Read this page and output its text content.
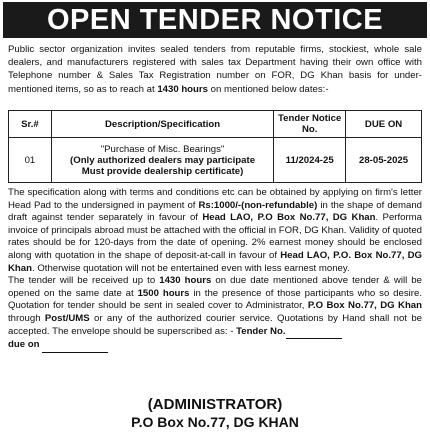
OPEN TENDER NOTICE
Public sector organization invites sealed tenders from reputable firms, stockiest, whole sale dealers, and manufacturers registered with sales tax Department having their own office with Telephone number & Sales Tax Registration number on FOR, DG Khan basis for under-mentioned items, so as to reach at 1430 hours on mentioned below dates:-
Sr.#	Description/Specification	Tender Notice No.	DUE ON
01	"Purchase of Misc. Bearings"
(Only authorized dealers may participate
Must provide dealership certificate)	11/2024-25	28-05-2025
The specification along with terms and conditions etc can be obtained by applying on firm's letter Head Pad to the undersigned in payment of Rs:1000/-(non-refundable) in the shape of demand draft against tender separately in favour of Head LAO, P.O Box No.77, DG Khan. Performa invoice of principals abroad must be attached with the official in FOR, DG Khan. Validity of quoted rates should be for 120-days from the date of opening. 2% earnest money should be enclosed along with quotation in the shape of deposit-at-call in favour of Head LAO, P.O. Box No.77, DG Khan. Otherwise quotation will not be entertained even with less earnest money.
The tender will be received up to 1430 hours on due date mentioned above tender & will be opened on the same date at 1500 hours in the presence of those participants who so desire. Quotation for tender should be sent in sealed cover to Administrator, P.O Box No.77, DG Khan through Post/UMS or any of the authorized courier service. Quotations by Hand shall not be accepted. The envelope should be superscribed as: - Tender No.
due on
(ADMINISTRATOR)
P.O Box No.77, DG KHAN
